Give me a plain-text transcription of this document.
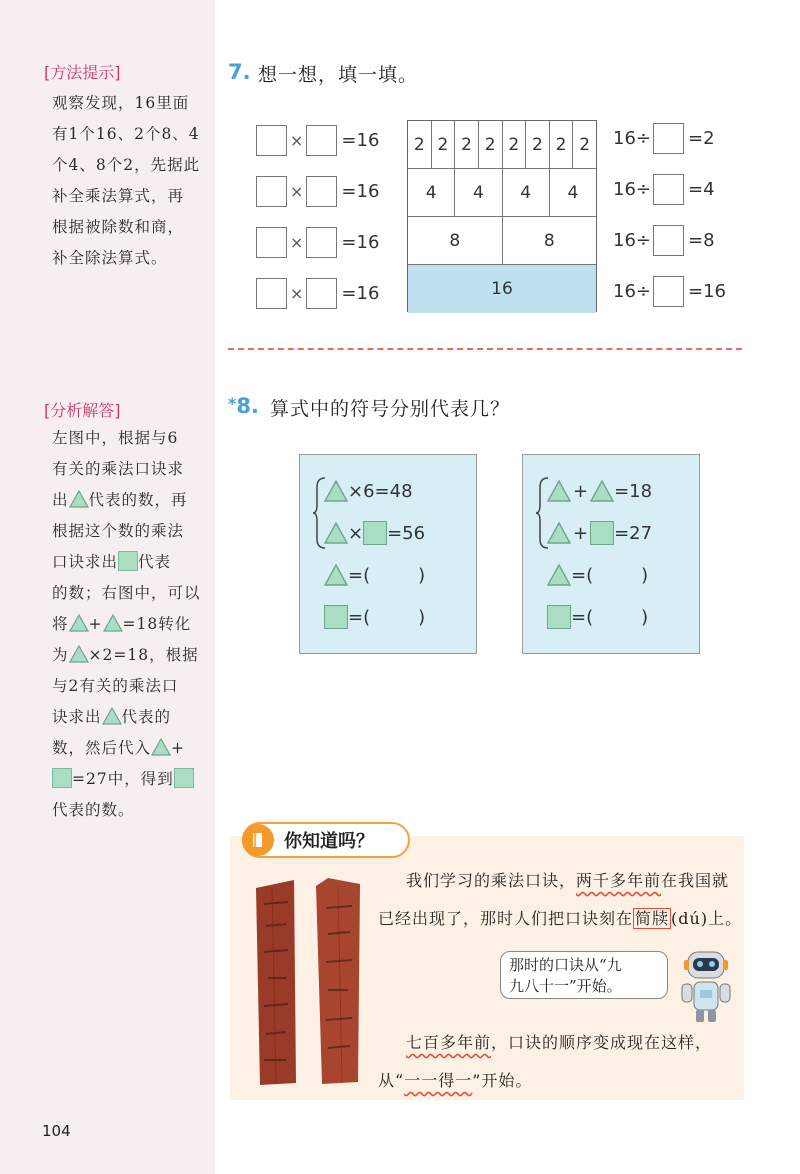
[方法提示]
观察发现，16里面
有1个16、2个8、4
个4、8个2，先据此
补全乘法算式，再
根据被除数和商，
补全除法算式。
[分析解答]
左图中，根据与6
有关的乘法口诀求
出 代表的数，再
根据这个数的乘法
口诀求出 代表
的数；右图中，可以
将 + =18转化
为 ×2=18，根据
与2有关的乘法口
诀求出 代表的
数，然后代入 +
=27中，得到
代表的数。
7. 想一想，填一填。
× =16
× =16
× =16
× =16
2 2 2 2 2 2 2 2
4	4	4	4
8	8
16
16÷ =2
16÷ =4
16÷ =8
16÷ =16
*8. 算式中的符号分别代表几？
×6=48
× =56
=(	)
=(	)
+ =18
+ =27
=(	)
=(	)
你知道吗？
我们学习的乘法口诀，两千多年前在我国就
已经出现了，那时人们把口诀刻在 简牍 (dú)上。
那时的口诀从“九
九八十一”开始。
七百多年前，口诀的顺序变成现在这样，
从“一一得一”开始。
104
